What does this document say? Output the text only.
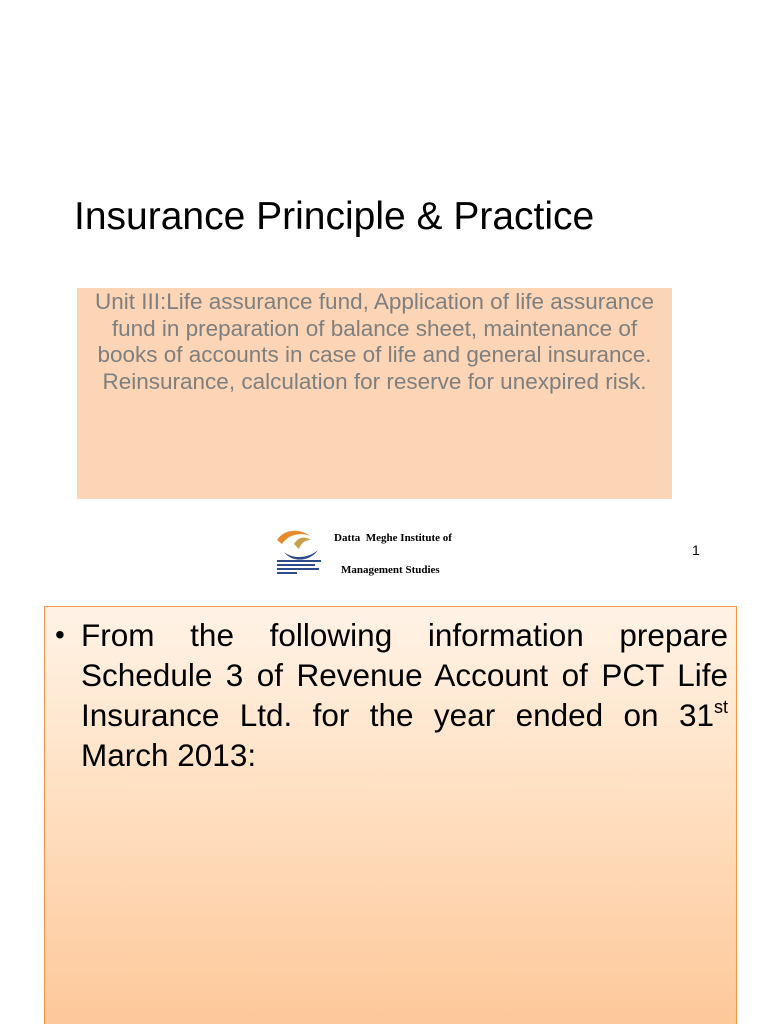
Insurance Principle & Practice
Unit III:Life assurance fund, Application of life assurance fund in preparation of balance sheet, maintenance of books of accounts in case of life and general insurance. Reinsurance, calculation for reserve for unexpired risk.
Datta  Meghe Institute of
Management Studies
1
• From the following information prepare Schedule 3 of Revenue Account of PCT Life Insurance Ltd. for the year ended on 31st March 2013:
